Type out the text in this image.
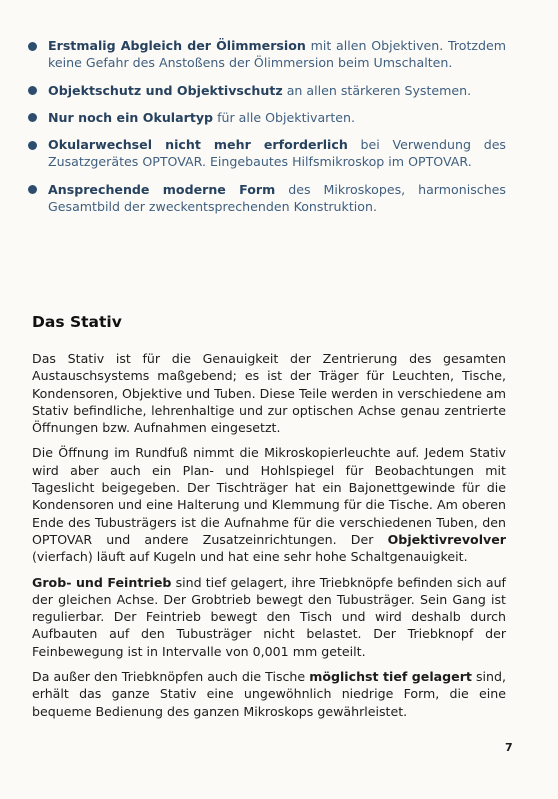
Erstmalig Abgleich der Ölimmersion mit allen Objektiven. Trotzdem keine Gefahr des Anstoßens der Ölimmersion beim Umschalten.
Objektschutz und Objektivschutz an allen stärkeren Systemen.
Nur noch ein Okulartyp für alle Objektivarten.
Okularwechsel nicht mehr erforderlich bei Verwendung des Zusatzgerätes OPTOVAR. Eingebautes Hilfsmikroskop im OPTOVAR.
Ansprechende moderne Form des Mikroskopes, harmonisches Gesamtbild der zweckentsprechenden Konstruktion.
Das Stativ

Das Stativ ist für die Genauigkeit der Zentrierung des gesamten Austauschsystems maßgebend; es ist der Träger für Leuchten, Tische, Kondensoren, Objektive und Tuben. Diese Teile werden in verschiedene am Stativ befindliche, lehrenhaltige und zur optischen Achse genau zentrierte Öffnungen bzw. Aufnahmen eingesetzt.

Die Öffnung im Rundfuß nimmt die Mikroskopierleuchte auf. Jedem Stativ wird aber auch ein Plan- und Hohlspiegel für Beobachtungen mit Tageslicht beigegeben. Der Tischträger hat ein Bajonettgewinde für die Kondensoren und eine Halterung und Klemmung für die Tische. Am oberen Ende des Tubusträgers ist die Aufnahme für die verschiedenen Tuben, den OPTOVAR und andere Zusatzeinrichtungen. Der Objektivrevolver (vierfach) läuft auf Kugeln und hat eine sehr hohe Schaltgenauigkeit.

Grob- und Feintrieb sind tief gelagert, ihre Triebknöpfe befinden sich auf der gleichen Achse. Der Grobtrieb bewegt den Tubusträger. Sein Gang ist regulierbar. Der Feintrieb bewegt den Tisch und wird deshalb durch Aufbauten auf den Tubusträger nicht belastet. Der Triebknopf der Feinbewegung ist in Intervalle von 0,001 mm geteilt.

Da außer den Triebknöpfen auch die Tische möglichst tief gelagert sind, erhält das ganze Stativ eine ungewöhnlich niedrige Form, die eine bequeme Bedienung des ganzen Mikroskops gewährleistet.

7
